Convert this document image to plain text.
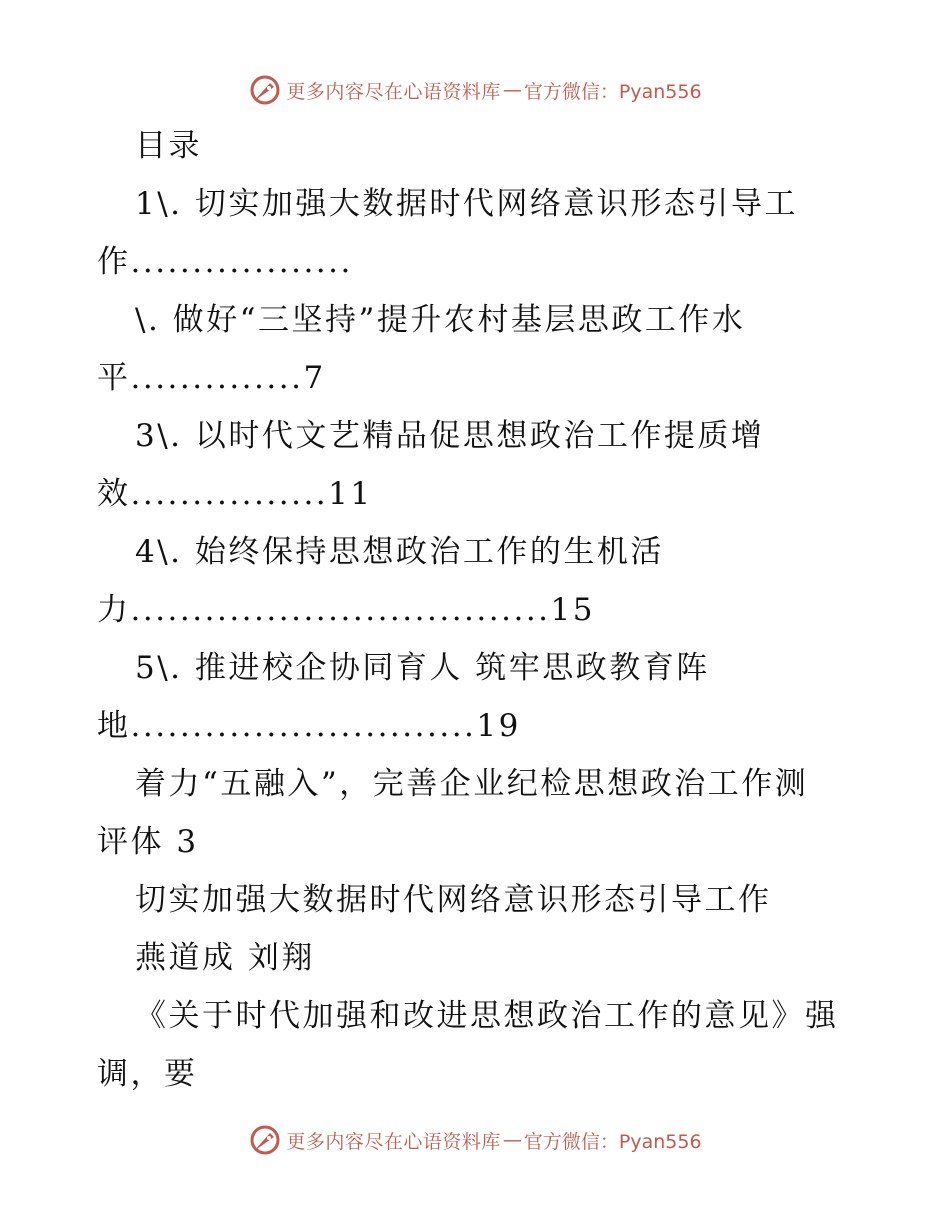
更多内容尽在心语资料库 — 官方微信：Pyan556

目录

1\. 切实加强大数据时代网络意识形态引导工

作..................

\. 做好“三坚持”提升农村基层思政工作水

平..............7

3\. 以时代文艺精品促思想政治工作提质增

效................11

4\. 始终保持思想政治工作的生机活

力..................................15

5\. 推进校企协同育人 筑牢思政教育阵

地............................19

着力“五融入”，完善企业纪检思想政治工作测

评体 3

切实加强大数据时代网络意识形态引导工作

燕道成 刘翔

《关于时代加强和改进思想政治工作的意见》强

调，要

更多内容尽在心语资料库 — 官方微信：Pyan556
